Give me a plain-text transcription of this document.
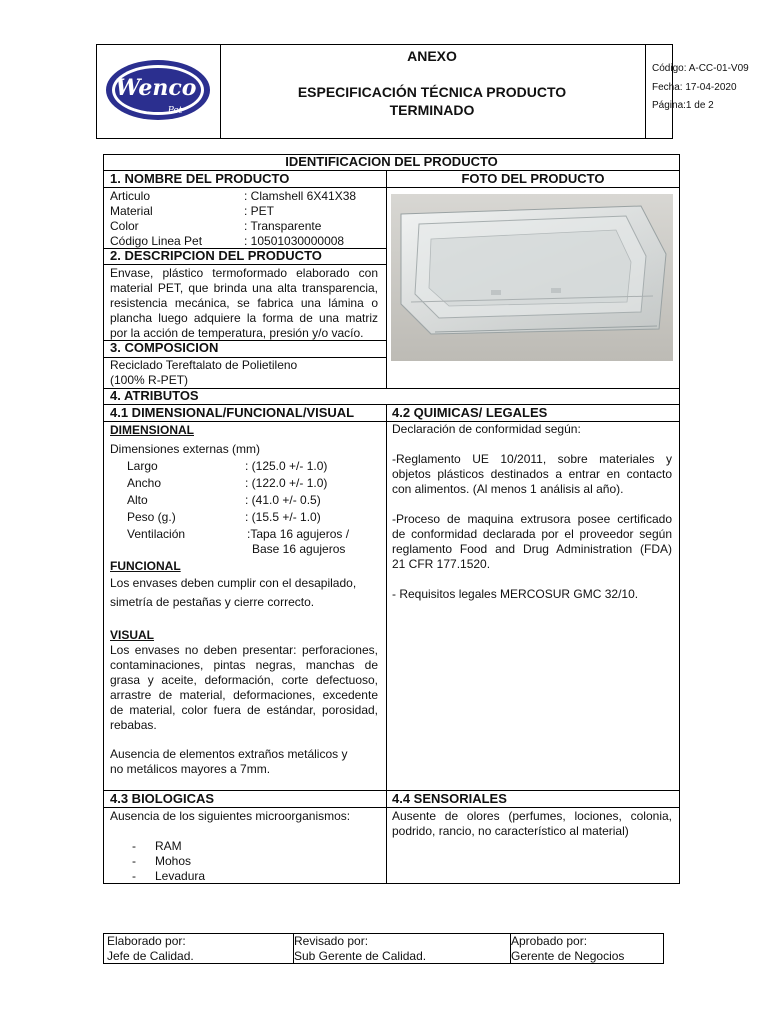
Wenco
Pet
ANEXO
ESPECIFICACIÓN TÉCNICA PRODUCTO
TERMINADO
Código: A-CC-01-V09
Fecha: 17-04-2020
Página:1 de 2
IDENTIFICACION DEL PRODUCTO
1. NOMBRE DEL PRODUCTO	FOTO DEL PRODUCTO
Articulo	: Clamshell 6X41X38
Material	: PET
Color	: Transparente
Código Linea Pet	: 10501030000008
2. DESCRIPCION DEL PRODUCTO
Envase, plástico termoformado elaborado con
material PET, que brinda una alta transparencia,
resistencia mecánica, se fabrica una lámina o
plancha luego adquiere la forma de una matriz
por la acción de temperatura, presión y/o vacío.
3. COMPOSICION
Reciclado Tereftalato de Polietileno
(100% R-PET)
4. ATRIBUTOS
4.1 DIMENSIONAL/FUNCIONAL/VISUAL	4.2 QUIMICAS/ LEGALES
DIMENSIONAL
Dimensiones externas (mm)
Largo	: (125.0 +/- 1.0)
Ancho	: (122.0 +/- 1.0)
Alto	: (41.0 +/- 0.5)
Peso (g.)	: (15.5 +/- 1.0)
Ventilación	:Tapa 16 agujeros /
Base 16 agujeros
FUNCIONAL
Los envases deben cumplir con el desapilado,
simetría de pestañas y cierre correcto.
VISUAL
Los envases no deben presentar: perforaciones,
contaminaciones, pintas negras, manchas de
grasa y aceite, deformación, corte defectuoso,
arrastre de material, deformaciones, excedente
de material, color fuera de estándar, porosidad,
rebabas.
Ausencia de elementos extraños metálicos y
no metálicos mayores a 7mm.
Declaración de conformidad según:
-Reglamento UE 10/2011, sobre materiales y
objetos plásticos destinados a entrar en contacto
con alimentos. (Al menos 1 análisis al año).
-Proceso de maquina extrusora posee certificado
de conformidad declarada por el proveedor según
reglamento Food and Drug Administration (FDA)
21 CFR 177.1520.
- Requisitos legales MERCOSUR GMC 32/10.
4.3 BIOLOGICAS	4.4 SENSORIALES
Ausencia de los siguientes microorganismos:
- RAM
- Mohos
- Levadura
Ausente de olores (perfumes, lociones, colonia,
podrido, rancio, no característico al material)
Elaborado por:
Jefe de Calidad.
Revisado por:
Sub Gerente de Calidad.
Aprobado por:
Gerente de Negocios
